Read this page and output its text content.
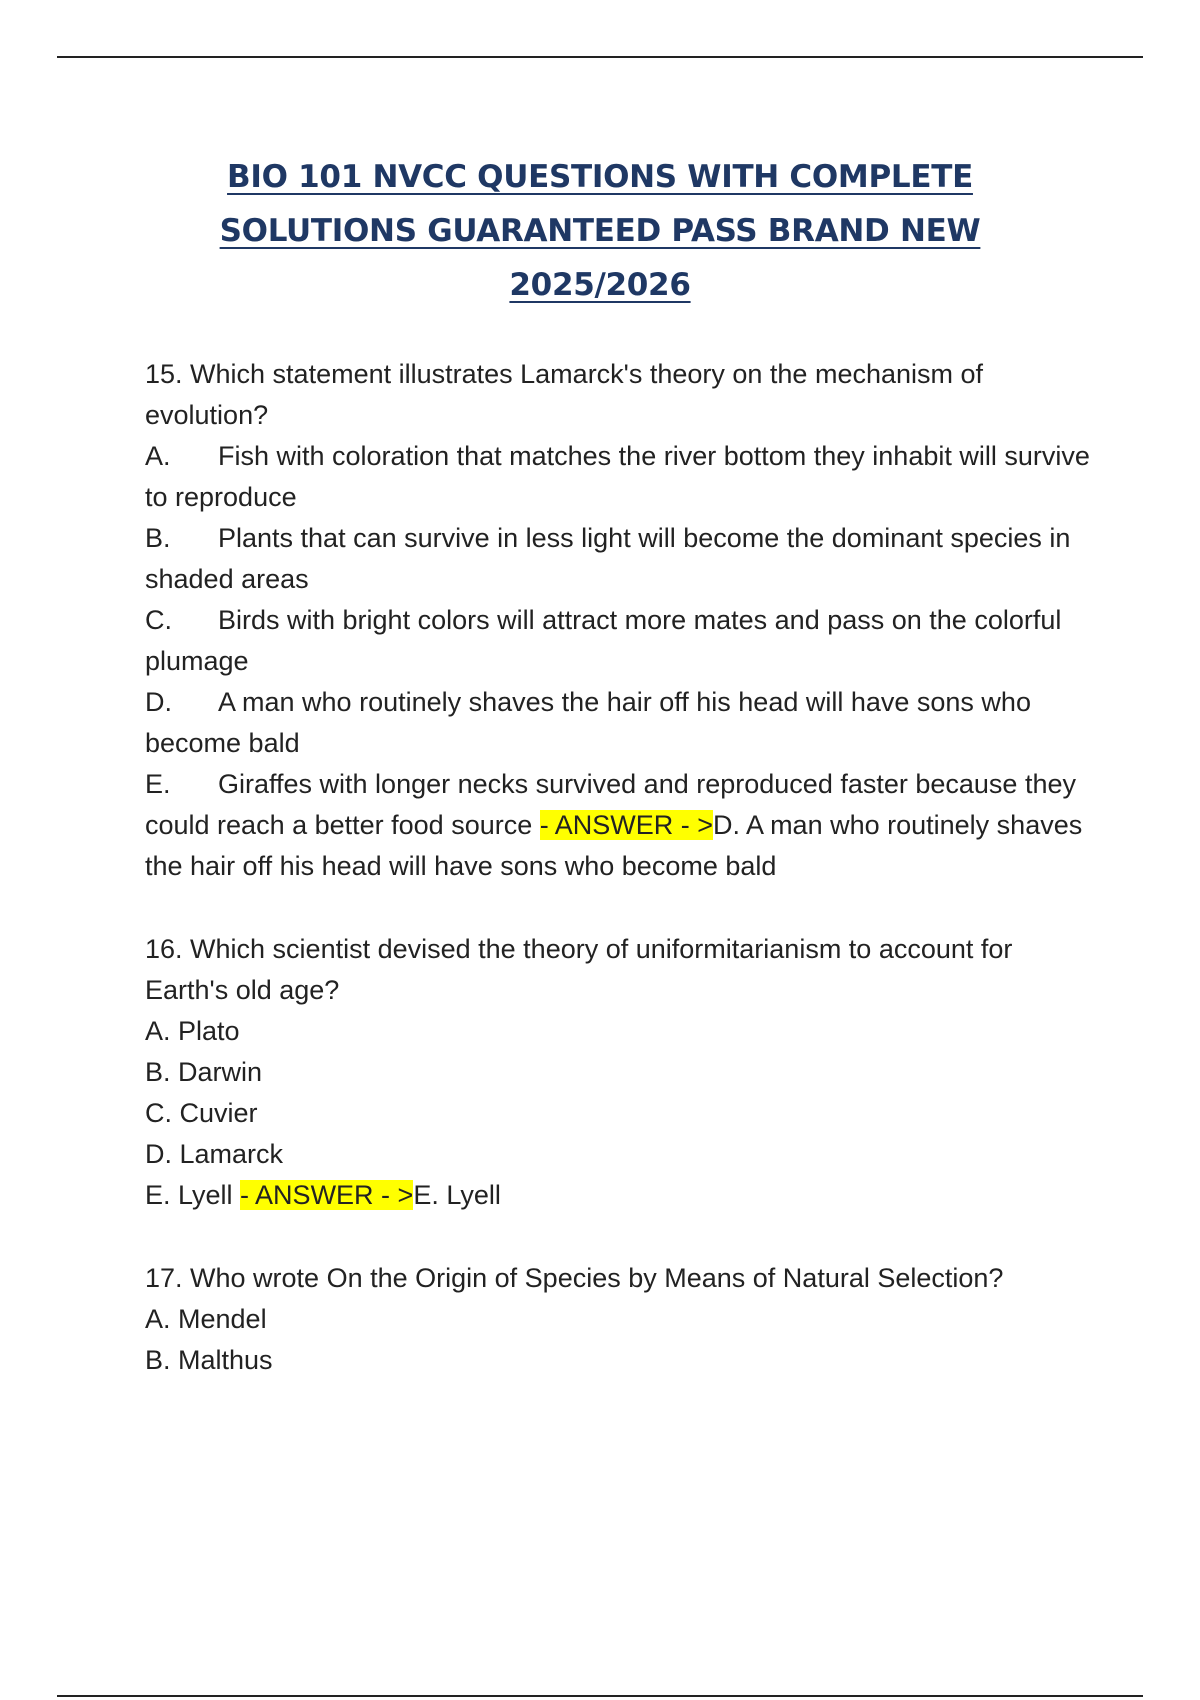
BIO 101 NVCC QUESTIONS WITH COMPLETE
SOLUTIONS GUARANTEED PASS BRAND NEW
2025/2026

15. Which statement illustrates Lamarck's theory on the mechanism of evolution?

A. Fish with coloration that matches the river bottom they inhabit will survive to reproduce

B. Plants that can survive in less light will become the dominant species in shaded areas

C. Birds with bright colors will attract more mates and pass on the colorful plumage

D. A man who routinely shaves the hair off his head will have sons who become bald

E. Giraffes with longer necks survived and reproduced faster because they could reach a better food source - ANSWER - >D. A man who routinely shaves the hair off his head will have sons who become bald

16. Which scientist devised the theory of uniformitarianism to account for Earth's old age?

A. Plato

B. Darwin

C. Cuvier

D. Lamarck

E. Lyell - ANSWER - >E. Lyell

17. Who wrote On the Origin of Species by Means of Natural Selection?

A. Mendel

B. Malthus
